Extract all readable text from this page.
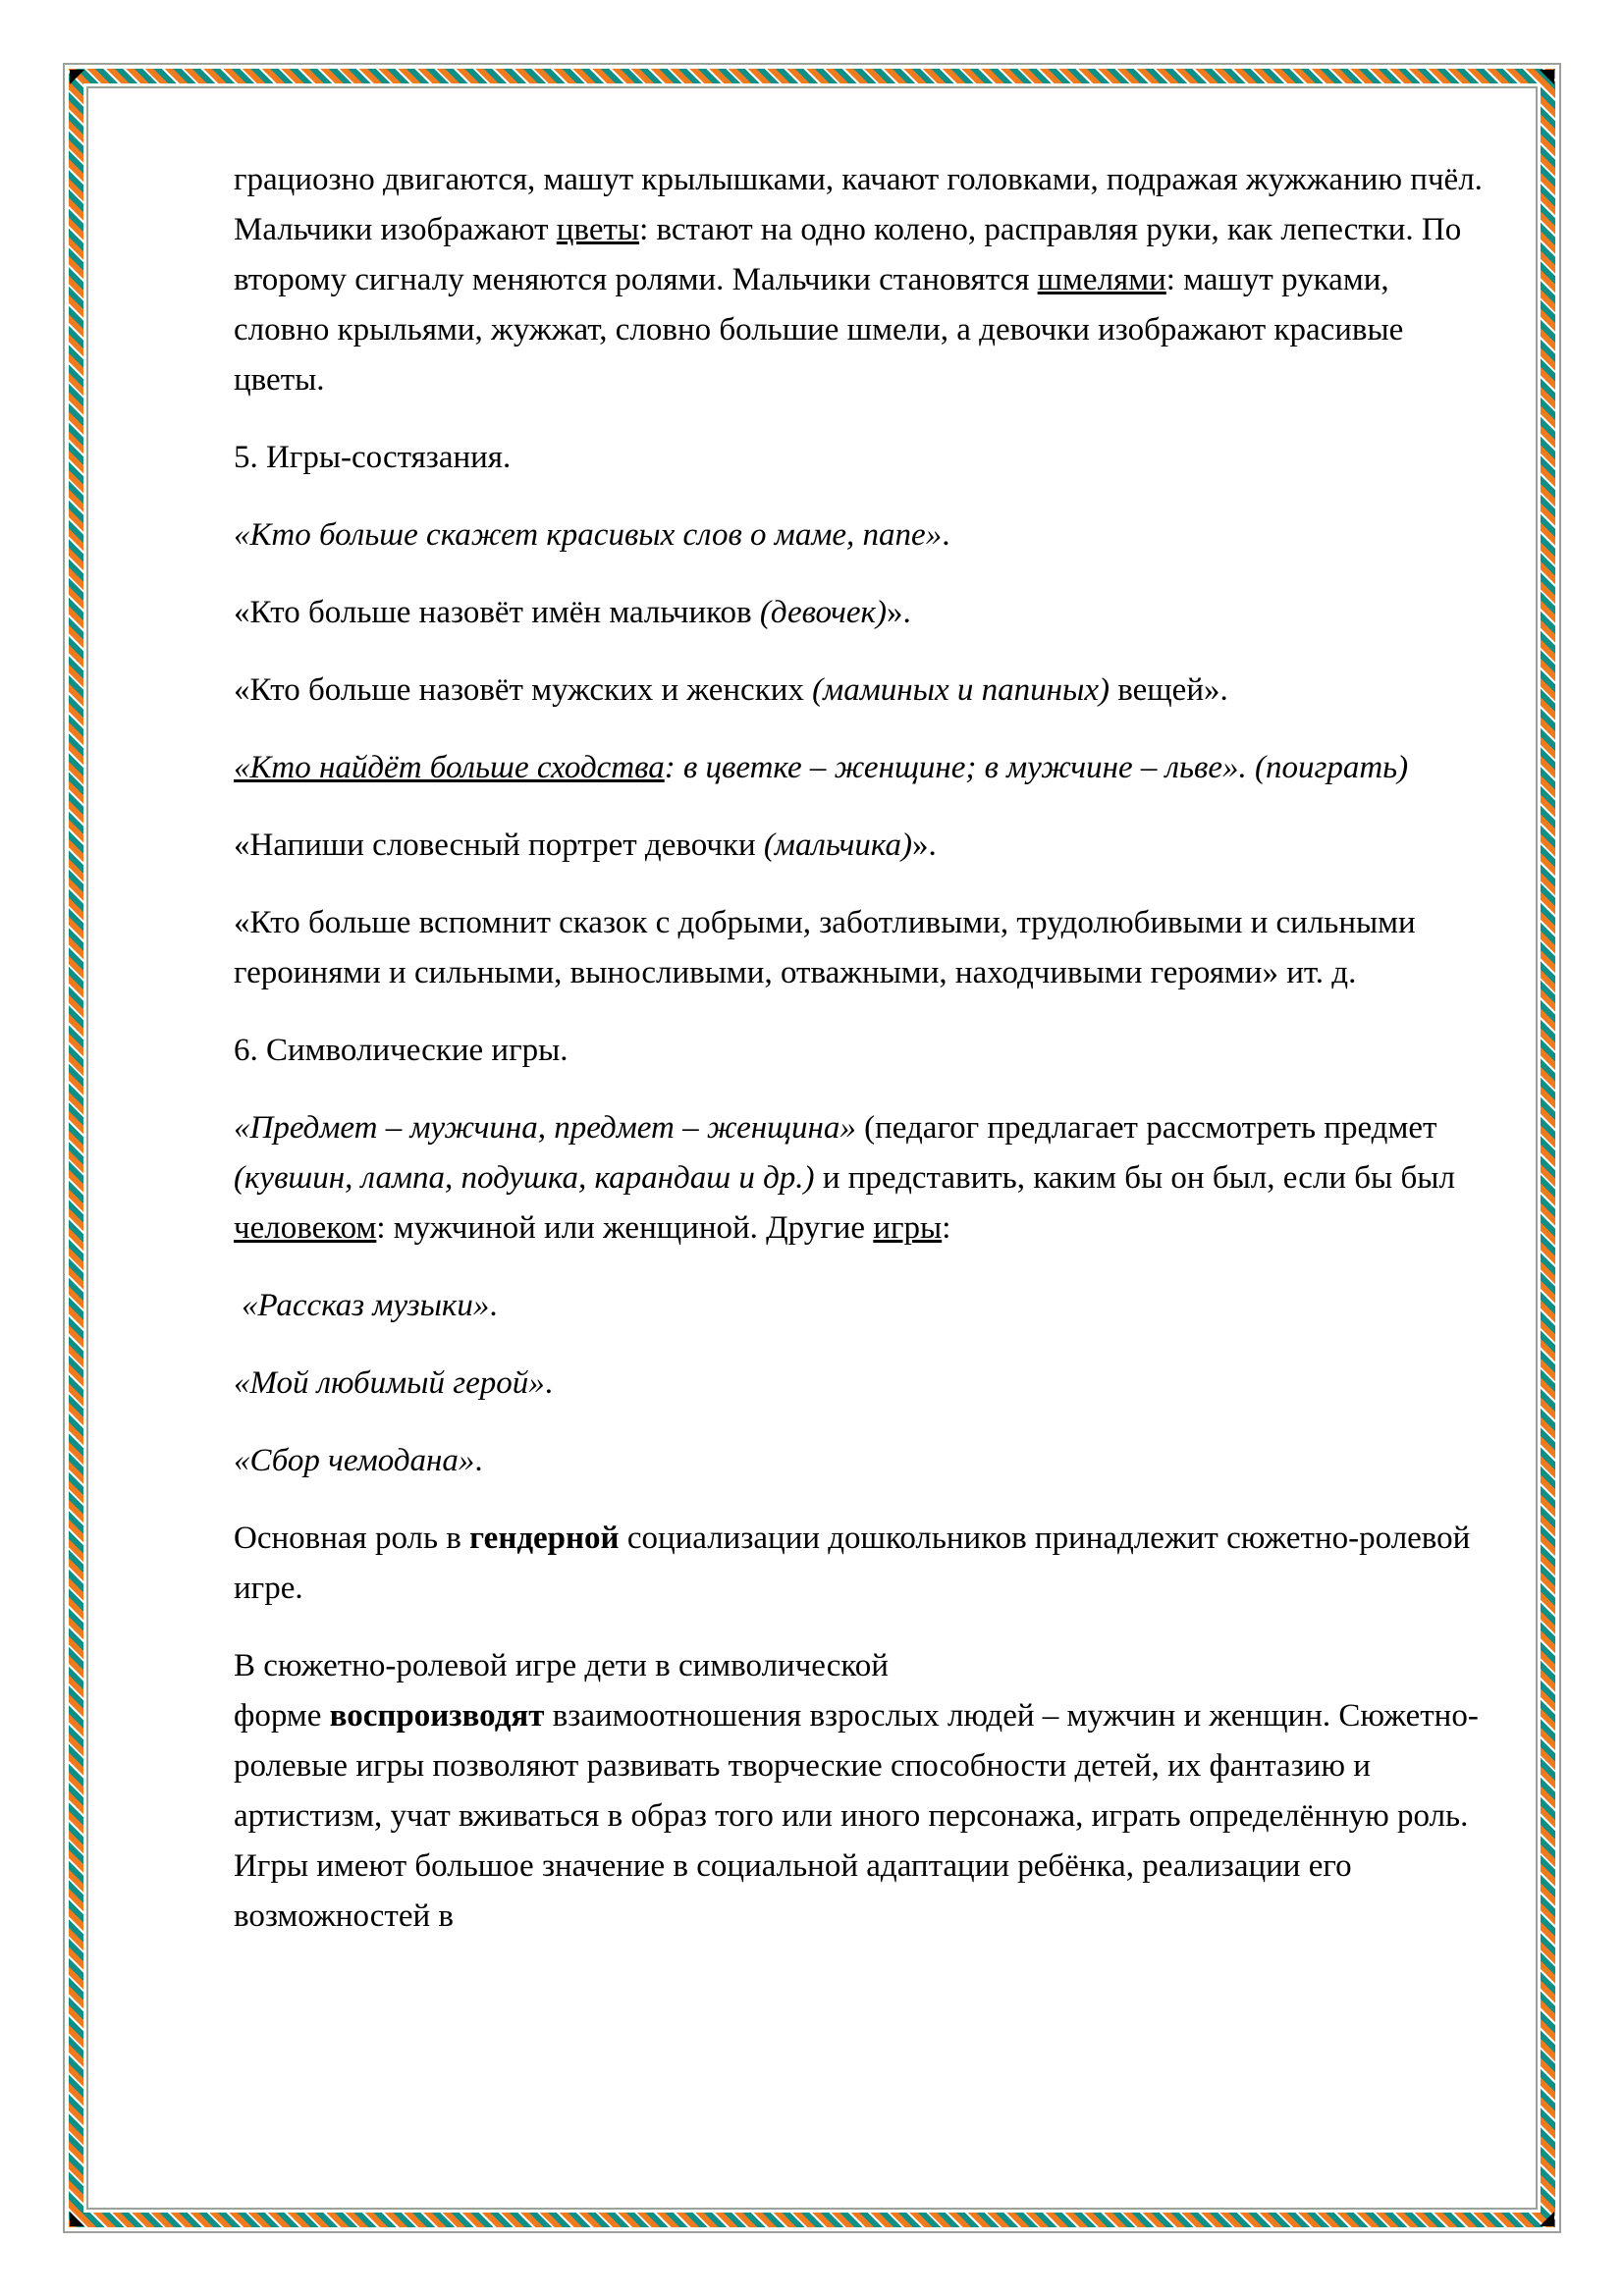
грациозно двигаются, машут крылышками, качают головками, подражая жужжанию пчёл. Мальчики изображают цветы: встают на одно колено, расправляя руки, как лепестки. По второму сигналу меняются ролями. Мальчики становятся шмелями: машут руками, словно крыльями, жужжат, словно большие шмели, а девочки изображают красивые цветы.

5. Игры-состязания.

«Кто больше скажет красивых слов о маме, папе».

«Кто больше назовёт имён мальчиков (девочек)».

«Кто больше назовёт мужских и женских (маминых и папиных) вещей».

«Кто найдёт больше сходства: в цветке – женщине; в мужчине – льве». (поиграть)

«Напиши словесный портрет девочки (мальчика)».

«Кто больше вспомнит сказок с добрыми, заботливыми, трудолюбивыми и сильными героинями и сильными, выносливыми, отважными, находчивыми героями» ит. д.

6. Символические игры.

«Предмет – мужчина, предмет – женщина» (педагог предлагает рассмотреть предмет (кувшин, лампа, подушка, карандаш и др.) и представить, каким бы он был, если бы был человеком: мужчиной или женщиной. Другие игры:

«Рассказ музыки».

«Мой любимый герой».

«Сбор чемодана».

Основная роль в гендерной социализации дошкольников принадлежит сюжетно-ролевой игре.

В сюжетно-ролевой игре дети в символической
форме воспроизводят взаимоотношения взрослых людей – мужчин и женщин. Сюжетно-ролевые игры позволяют развивать творческие способности детей, их фантазию и артистизм, учат вживаться в образ того или иного персонажа, играть определённую роль. Игры имеют большое значение в социальной адаптации ребёнка, реализации его возможностей в
